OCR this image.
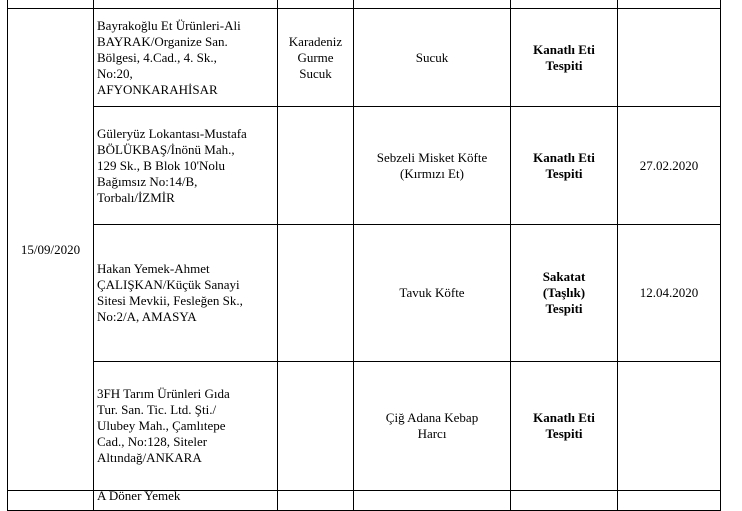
15/09/2020	Bayrakoğlu Et Ürünleri-Ali
BAYRAK/Organize San.
Bölgesi, 4.Cad., 4. Sk.,
No:20,
AFYONKARAHİSAR	Karadeniz
Gurme
Sucuk	Sucuk	Kanatlı Eti
Tespiti	

	Güleryüz Lokantası-Mustafa
BÖLÜKBAŞ/İnönü Mah.,
129 Sk., B Blok 10'Nolu
Bağımsız No:14/B,
Torbalı/İZMİR		Sebzeli Misket Köfte
(Kırmızı Et)	Kanatlı Eti
Tespiti	27.02.2020

	Hakan Yemek-Ahmet
ÇALIŞKAN/Küçük Sanayi
Sitesi Mevkii, Fesleğen Sk.,
No:2/A, AMASYA		Tavuk Köfte	Sakatat
(Taşlık)
Tespiti	12.04.2020

	3FH Tarım Ürünleri Gıda
Tur. San. Tic. Ltd. Şti./
Ulubey Mah., Çamlıtepe
Cad., No:128, Siteler
Altındağ/ANKARA		Çiğ Adana Kebap
Harcı	Kanatlı Eti
Tespiti	

	A Döner Yemek				
